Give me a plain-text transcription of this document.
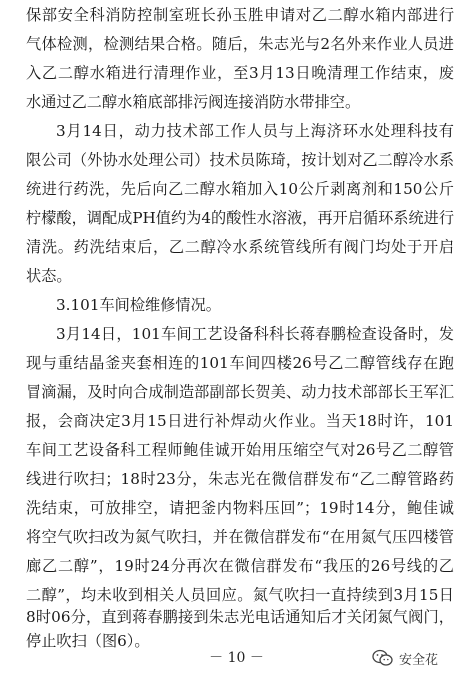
保部安全科消防控制室班长孙玉胜申请对乙二醇水箱内部进行
气体检测，检测结果合格。随后，朱志光与2名外来作业人员进
入乙二醇水箱进行清理作业，至3月13日晚清理工作结束，废
水通过乙二醇水箱底部排污阀连接消防水带排空。
3月14日，动力技术部工作人员与上海济环水处理科技有
限公司（外协水处理公司）技术员陈琦，按计划对乙二醇冷水系
统进行药洗，先后向乙二醇水箱加入10公斤剥离剂和150公斤
柠檬酸，调配成PH值约为4的酸性水溶液，再开启循环系统进行
清洗。药洗结束后，乙二醇冷水系统管线所有阀门均处于开启
状态。
3.101车间检维修情况。
3月14日，101车间工艺设备科科长蒋春鹏检查设备时，发
现与重结晶釜夹套相连的101车间四楼26号乙二醇管线存在跑
冒滴漏，及时向合成制造部副部长贺美、动力技术部部长王军汇
报，会商决定3月15日进行补焊动火作业。当天18时许，101
车间工艺设备科工程师鲍佳诚开始用压缩空气对26号乙二醇管
线进行吹扫；18时23分，朱志光在微信群发布“乙二醇管路药
洗结束，可放排空，请把釜内物料压回”；19时14分，鲍佳诚
将空气吹扫改为氮气吹扫，并在微信群发布“在用氮气压四楼管
廊乙二醇”，19时24分再次在微信群发布“我压的26号线的乙
二醇”，均未收到相关人员回应。氮气吹扫一直持续到3月15日
8时06分，直到蒋春鹏接到朱志光电话通知后才关闭氮气阀门，
停止吹扫（图6）。
－ 10 －	安全花
